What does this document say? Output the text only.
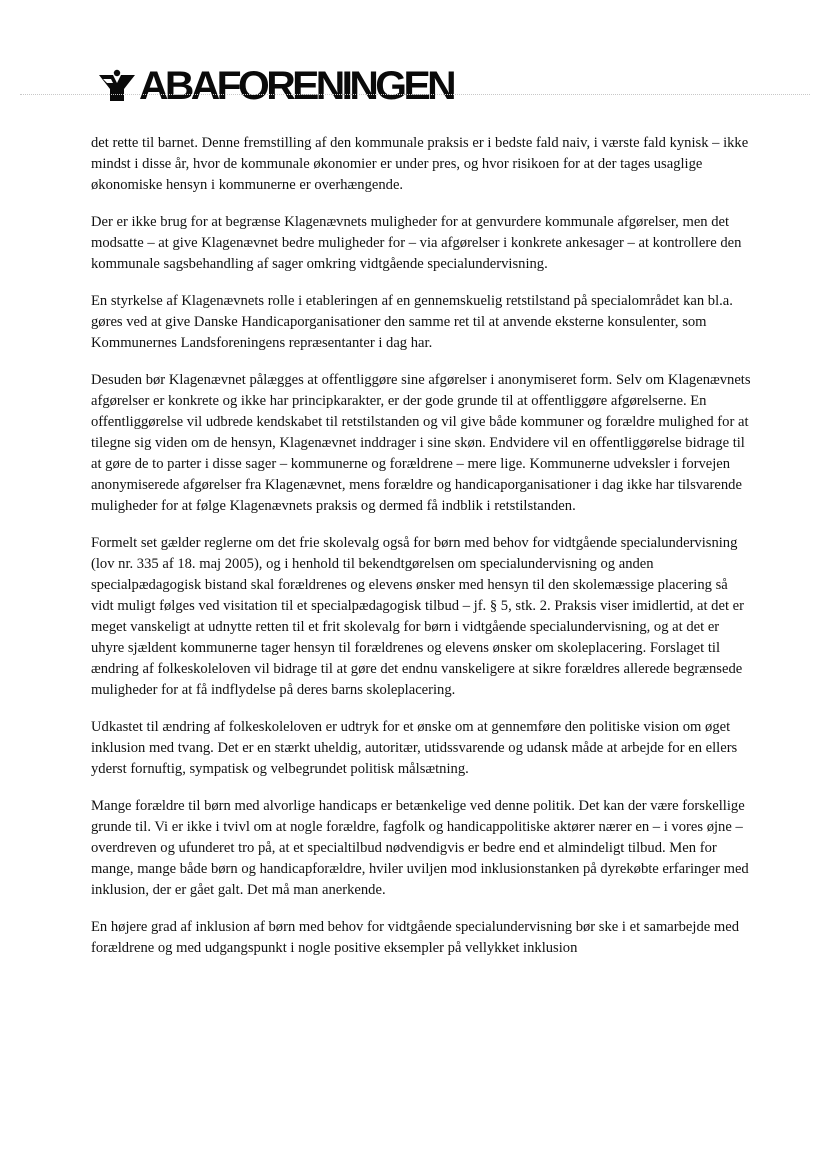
ABAFORENINGEN

det rette til barnet. Denne fremstilling af den kommunale praksis er i bedste fald naiv, i værste fald kynisk – ikke mindst i disse år, hvor de kommunale økonomier er under pres, og hvor risikoen for at der tages usaglige økonomiske hensyn i kommunerne er overhængende.

Der er ikke brug for at begrænse Klagenævnets muligheder for at genvurdere kommunale afgørelser, men det modsatte – at give Klagenævnet bedre muligheder for – via afgørelser i konkrete ankesager – at kontrollere den kommunale sagsbehandling af sager omkring vidtgående specialundervisning.

En styrkelse af Klagenævnets rolle i etableringen af en gennemskuelig retstilstand på specialområdet kan bl.a. gøres ved at give Danske Handicaporganisationer den samme ret til at anvende eksterne konsulenter, som Kommunernes Landsforeningens repræsentanter i dag har.

Desuden bør Klagenævnet pålægges at offentliggøre sine afgørelser i anonymiseret form. Selv om Klagenævnets afgørelser er konkrete og ikke har principkarakter, er der gode grunde til at offentliggøre afgørelserne. En offentliggørelse vil udbrede kendskabet til retstilstanden og vil give både kommuner og forældre mulighed for at tilegne sig viden om de hensyn, Klagenævnet inddrager i sine skøn. Endvidere vil en offentliggørelse bidrage til at gøre de to parter i disse sager – kommunerne og forældrene – mere lige. Kommunerne udveksler i forvejen anonymiserede afgørelser fra Klagenævnet, mens forældre og handicaporganisationer i dag ikke har tilsvarende muligheder for at følge Klagenævnets praksis og dermed få indblik i retstilstanden.

Formelt set gælder reglerne om det frie skolevalg også for børn med behov for vidtgående specialundervisning (lov nr. 335 af 18. maj 2005), og i henhold til bekendtgørelsen om specialundervisning og anden specialpædagogisk bistand skal forældrenes og elevens ønsker med hensyn til den skolemæssige placering så vidt muligt følges ved visitation til et specialpædagogisk tilbud – jf. § 5, stk. 2. Praksis viser imidlertid, at det er meget vanskeligt at udnytte retten til et frit skolevalg for børn i vidtgående specialundervisning, og at det er uhyre sjældent kommunerne tager hensyn til forældrenes og elevens ønsker om skoleplacering. Forslaget til ændring af folkeskoleloven vil bidrage til at gøre det endnu vanskeligere at sikre forældres allerede begrænsede muligheder for at få indflydelse på deres barns skoleplacering.

Udkastet til ændring af folkeskoleloven er udtryk for et ønske om at gennemføre den politiske vision om øget inklusion med tvang. Det er en stærkt uheldig, autoritær, utidssvarende og udansk måde at arbejde for en ellers yderst fornuftig, sympatisk og velbegrundet politisk målsætning.

Mange forældre til børn med alvorlige handicaps er betænkelige ved denne politik. Det kan der være forskellige grunde til. Vi er ikke i tvivl om at nogle forældre, fagfolk og handicappolitiske aktører nærer en – i vores øjne – overdreven og ufunderet tro på, at et specialtilbud nødvendigvis er bedre end et almindeligt tilbud. Men for mange, mange både børn og handicapforældre, hviler uviljen mod inklusionstanken på dyrekøbte erfaringer med inklusion, der er gået galt. Det må man anerkende.

En højere grad af inklusion af børn med behov for vidtgående specialundervisning bør ske i et samarbejde med forældrene og med udgangspunkt i nogle positive eksempler på vellykket inklusion
